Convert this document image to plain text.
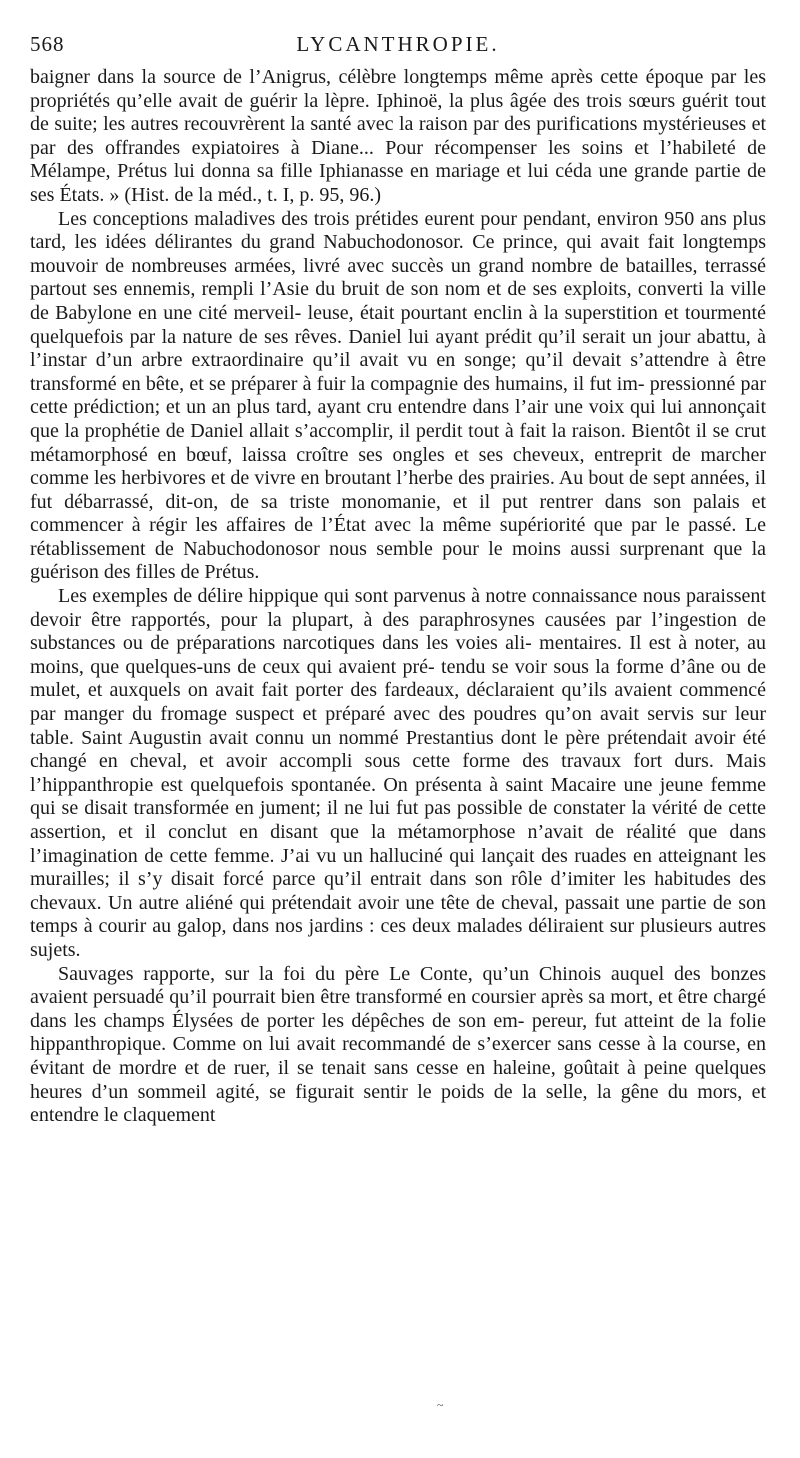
568	LYCANTHROPIE.

baigner dans la source de l’Anigrus, célèbre longtemps même après cette époque par les propriétés qu’elle avait de guérir la lèpre. Iphinoë, la plus âgée des trois sœurs guérit tout de suite; les autres recouvrèrent la santé avec la raison par des purifications mystérieuses et par des offrandes expiatoires à Diane... Pour récompenser les soins et l’habileté de Mélampe, Prétus lui donna sa fille Iphianasse en mariage et lui céda une grande partie de ses États. » (Hist. de la méd., t. I, p. 95, 96.)

Les conceptions maladives des trois prétides eurent pour pendant, environ 950 ans plus tard, les idées délirantes du grand Nabuchodonosor. Ce prince, qui avait fait longtemps mouvoir de nombreuses armées, livré avec succès un grand nombre de batailles, terrassé partout ses ennemis, rempli l’Asie du bruit de son nom et de ses exploits, converti la ville de Babylone en une cité merveil- leuse, était pourtant enclin à la superstition et tourmenté quelquefois par la nature de ses rêves. Daniel lui ayant prédit qu’il serait un jour abattu, à l’instar d’un arbre extraordinaire qu’il avait vu en songe; qu’il devait s’attendre à être transformé en bête, et se préparer à fuir la compagnie des humains, il fut im- pressionné par cette prédiction; et un an plus tard, ayant cru entendre dans l’air une voix qui lui annonçait que la prophétie de Daniel allait s’accomplir, il perdit tout à fait la raison. Bientôt il se crut métamorphosé en bœuf, laissa croître ses ongles et ses cheveux, entreprit de marcher comme les herbivores et de vivre en broutant l’herbe des prairies. Au bout de sept années, il fut débarrassé, dit-on, de sa triste monomanie, et il put rentrer dans son palais et commencer à régir les affaires de l’État avec la même supériorité que par le passé. Le rétablissement de Nabuchodonosor nous semble pour le moins aussi surprenant que la guérison des filles de Prétus.

Les exemples de délire hippique qui sont parvenus à notre connaissance nous paraissent devoir être rapportés, pour la plupart, à des paraphrosynes causées par l’ingestion de substances ou de préparations narcotiques dans les voies ali- mentaires. Il est à noter, au moins, que quelques-uns de ceux qui avaient pré- tendu se voir sous la forme d’âne ou de mulet, et auxquels on avait fait porter des fardeaux, déclaraient qu’ils avaient commencé par manger du fromage suspect et préparé avec des poudres qu’on avait servis sur leur table. Saint Augustin avait connu un nommé Prestantius dont le père prétendait avoir été changé en cheval, et avoir accompli sous cette forme des travaux fort durs. Mais l’hippanthropie est quelquefois spontanée. On présenta à saint Macaire une jeune femme qui se disait transformée en jument; il ne lui fut pas possible de constater la vérité de cette assertion, et il conclut en disant que la métamorphose n’avait de réalité que dans l’imagination de cette femme. J’ai vu un halluciné qui lançait des ruades en atteignant les murailles; il s’y disait forcé parce qu’il entrait dans son rôle d’imiter les habitudes des chevaux. Un autre aliéné qui prétendait avoir une tête de cheval, passait une partie de son temps à courir au galop, dans nos jardins : ces deux malades déliraient sur plusieurs autres sujets.

Sauvages rapporte, sur la foi du père Le Conte, qu’un Chinois auquel des bonzes avaient persuadé qu’il pourrait bien être transformé en coursier après sa mort, et être chargé dans les champs Élysées de porter les dépêches de son em- pereur, fut atteint de la folie hippanthropique. Comme on lui avait recommandé de s’exercer sans cesse à la course, en évitant de mordre et de ruer, il se tenait sans cesse en haleine, goûtait à peine quelques heures d’un sommeil agité, se figurait sentir le poids de la selle, la gêne du mors, et entendre le claquement

~
